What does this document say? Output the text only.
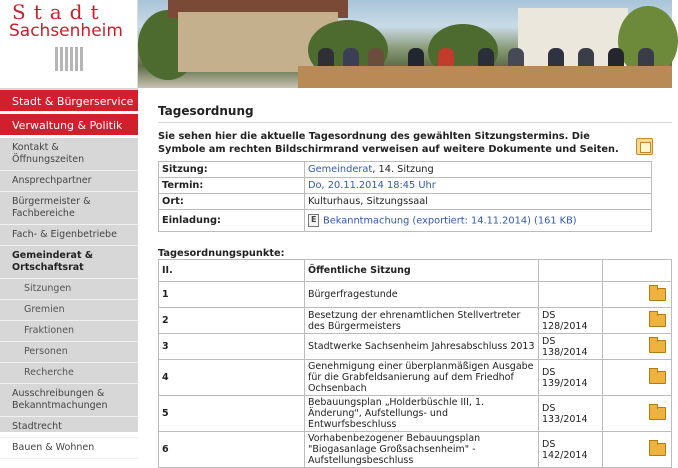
Stadt
Sachsenheim
Stadt & Bürgerservice
Verwaltung & Politik
Kontakt & Öffnungszeiten
Ansprechpartner
Bürgermeister & Fachbereiche
Fach- & Eigenbetriebe
Gemeinderat & Ortschaftsrat
Sitzungen
Gremien
Fraktionen
Personen
Recherche
Ausschreibungen & Bekanntmachungen
Stadtrecht
Bauen & Wohnen
Tagesordnung
Sie sehen hier die aktuelle Tagesordnung des gewählten Sitzungstermins. Die Symbole am rechten Bildschirmrand verweisen auf weitere Dokumente und Seiten.
Sitzung:	Gemeinderat, 14. Sitzung
Termin:	Do, 20.11.2014 18:45 Uhr
Ort:	Kulturhaus, Sitzungssaal
Einladung:	EBekanntmachung (exportiert: 14.11.2014) (161 KB)
Tagesordnungspunkte:
II.	Öffentliche Sitzung		
1	Bürgerfragestunde		
2	Besetzung der ehrenamtlichen Stellvertreter des Bürgermeisters	DS 128/2014	
3	Stadtwerke Sachsenheim Jahresabschluss 2013	DS 138/2014	
4	Genehmigung einer überplanmäßigen Ausgabe für die Grabfeldsanierung auf dem Friedhof Ochsenbach	DS 139/2014	
5	Bebauungsplan „Holderbüschle III, 1. Änderung", Aufstellungs- und Entwurfsbeschluss	DS 133/2014	
6	Vorhabenbezogener Bebauungsplan "Biogasanlage Großsachsenheim" - Aufstellungsbeschluss	DS 142/2014	
